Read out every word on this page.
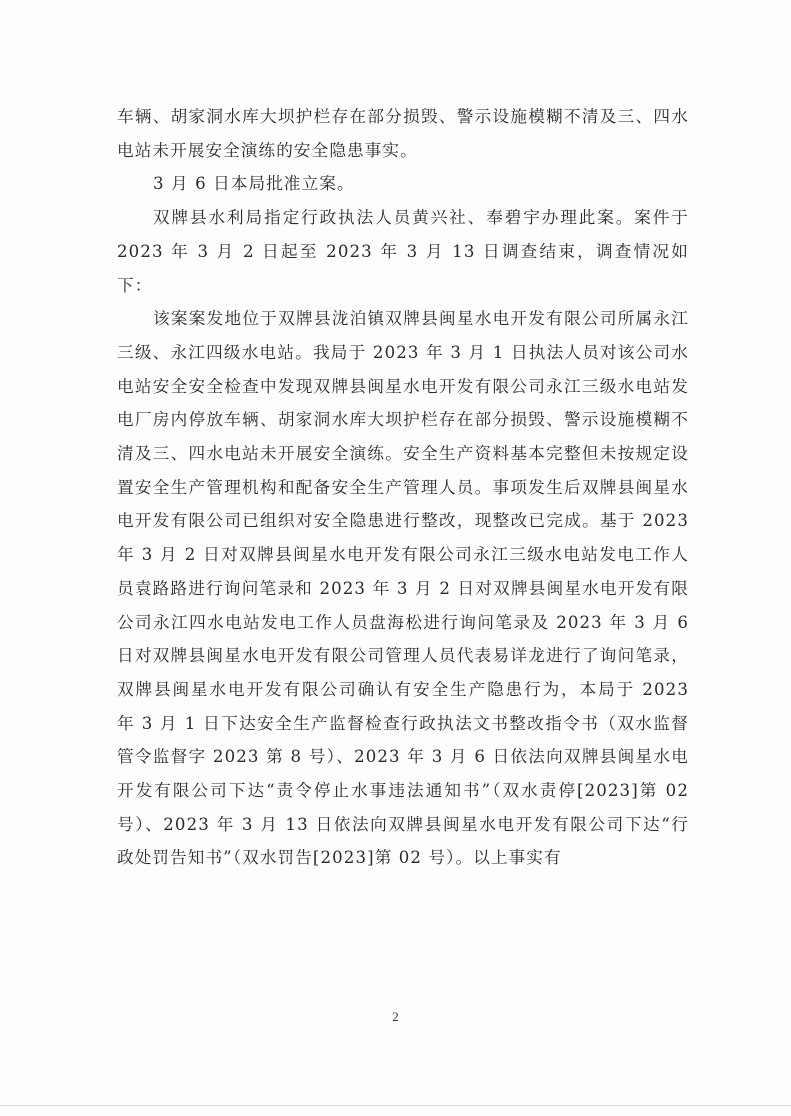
车辆、胡家洞水库大坝护栏存在部分损毁、警示设施模糊不清及三、四水电站未开展安全演练的安全隐患事实。

3 月 6 日本局批准立案。

双牌县水利局指定行政执法人员黄兴社、奉碧宇办理此案。案件于 2023 年 3 月 2 日起至 2023 年 3 月 13 日调查结束，调查情况如下：

该案案发地位于双牌县泷泊镇双牌县闽星水电开发有限公司所属永江三级、永江四级水电站。我局于 2023 年 3 月 1 日执法人员对该公司水电站安全安全检查中发现双牌县闽星水电开发有限公司永江三级水电站发电厂房内停放车辆、胡家洞水库大坝护栏存在部分损毁、警示设施模糊不清及三、四水电站未开展安全演练。安全生产资料基本完整但未按规定设置安全生产管理机构和配备安全生产管理人员。事项发生后双牌县闽星水电开发有限公司已组织对安全隐患进行整改，现整改已完成。基于 2023 年 3 月 2 日对双牌县闽星水电开发有限公司永江三级水电站发电工作人员袁路路进行询问笔录和 2023 年 3 月 2 日对双牌县闽星水电开发有限公司永江四水电站发电工作人员盘海松进行询问笔录及 2023 年 3 月 6 日对双牌县闽星水电开发有限公司管理人员代表易详龙进行了询问笔录，双牌县闽星水电开发有限公司确认有安全生产隐患行为，本局于 2023 年 3 月 1 日下达安全生产监督检查行政执法文书整改指令书（双水监督管令监督字 2023 第 8 号）、2023 年 3 月 6 日依法向双牌县闽星水电开发有限公司下达“责令停止水事违法通知书”（双水责停[2023]第 02 号）、2023 年 3 月 13 日依法向双牌县闽星水电开发有限公司下达“行政处罚告知书”（双水罚告[2023]第 02 号）。以上事实有

2
